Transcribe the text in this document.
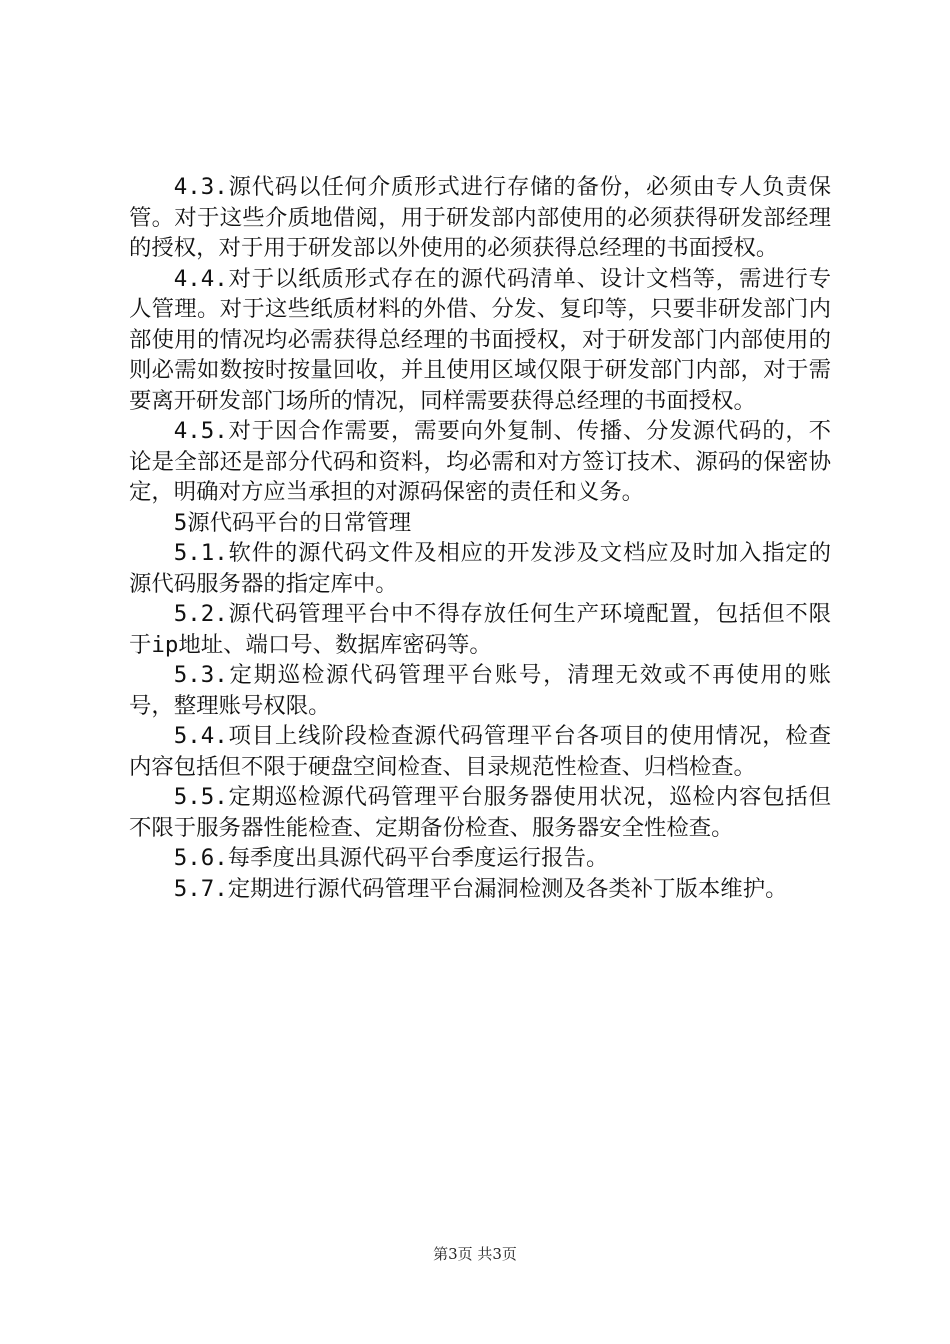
4.3.源代码以任何介质形式进行存储的备份，必须由专人负责保管。对于这些介质地借阅，用于研发部内部使用的必须获得研发部经理的授权，对于用于研发部以外使用的必须获得总经理的书面授权。

4.4.对于以纸质形式存在的源代码清单、设计文档等，需进行专人管理。对于这些纸质材料的外借、分发、复印等，只要非研发部门内部使用的情况均必需获得总经理的书面授权，对于研发部门内部使用的则必需如数按时按量回收，并且使用区域仅限于研发部门内部，对于需要离开研发部门场所的情况，同样需要获得总经理的书面授权。

4.5.对于因合作需要，需要向外复制、传播、分发源代码的，不论是全部还是部分代码和资料，均必需和对方签订技术、源码的保密协定，明确对方应当承担的对源码保密的责任和义务。

5源代码平台的日常管理

5.1.软件的源代码文件及相应的开发涉及文档应及时加入指定的源代码服务器的指定库中。

5.2.源代码管理平台中不得存放任何生产环境配置，包括但不限于ip地址、端口号、数据库密码等。

5.3.定期巡检源代码管理平台账号，清理无效或不再使用的账号，整理账号权限。

5.4.项目上线阶段检查源代码管理平台各项目的使用情况，检查内容包括但不限于硬盘空间检查、目录规范性检查、归档检查。

5.5.定期巡检源代码管理平台服务器使用状况，巡检内容包括但不限于服务器性能检查、定期备份检查、服务器安全性检查。

5.6.每季度出具源代码平台季度运行报告。

5.7.定期进行源代码管理平台漏洞检测及各类补丁版本维护。

第3页 共3页
